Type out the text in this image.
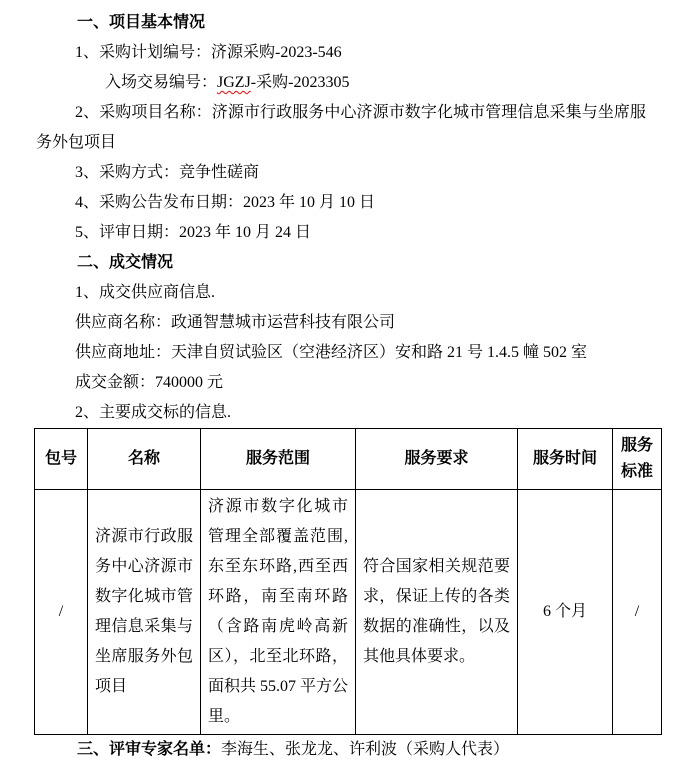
一、项目基本情况

1、采购计划编号：济源采购-2023-546

入场交易编号：JGZJ-采购-2023305

2、采购项目名称：济源市行政服务中心济源市数字化城市管理信息采集与坐席服务外包项目

3、采购方式：竞争性磋商

4、采购公告发布日期：2023 年 10 月 10 日

5、评审日期：2023 年 10 月 24 日

二、成交情况

1、成交供应商信息.

供应商名称：政通智慧城市运营科技有限公司

供应商地址：天津自贸试验区（空港经济区）安和路 21 号 1.4.5 幢 502 室

成交金额：740000 元

2、主要成交标的信息.

包号	名称	服务范围	服务要求	服务时间	服务标准
/	济源市行政服务中心济源市数字化城市管理信息采集与坐席服务外包项目	济源市数字化城市管理全部覆盖范围,东至东环路,西至西环路，南至南环路（含路南虎岭高新区），北至北环路，面积共 55.07 平方公里。	符合国家相关规范要求，保证上传的各类数据的准确性，以及其他具体要求。	6 个月	/

三、评审专家名单：李海生、张龙龙、许利波（采购人代表）
